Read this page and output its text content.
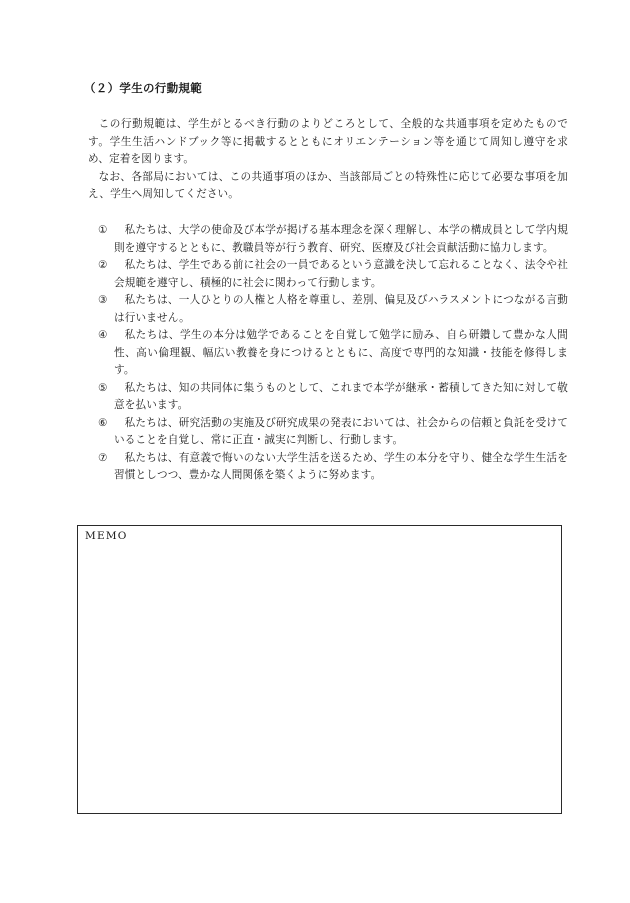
（２）学生の行動規範

この行動規範は、学生がとるべき行動のよりどころとして、全般的な共通事項を定めたものです。学生生活ハンドブック等に掲載するとともにオリエンテーション等を通じて周知し遵守を求め、定着を図ります。

なお、各部局においては、この共通事項のほか、当該部局ごとの特殊性に応じて必要な事項を加え、学生へ周知してください。

①	私たちは、大学の使命及び本学が掲げる基本理念を深く理解し、本学の構成員として学内規則を遵守するとともに、教職員等が行う教育、研究、医療及び社会貢献活動に協力します。
②	私たちは、学生である前に社会の一員であるという意識を決して忘れることなく、法令や社会規範を遵守し、積極的に社会に関わって行動します。
③	私たちは、一人ひとりの人権と人格を尊重し、差別、偏見及びハラスメントにつながる言動は行いません。
④	私たちは、学生の本分は勉学であることを自覚して勉学に励み、自ら研鑽して豊かな人間性、高い倫理観、幅広い教養を身につけるとともに、高度で専門的な知識・技能を修得します。
⑤	私たちは、知の共同体に集うものとして、これまで本学が継承・蓄積してきた知に対して敬意を払います。
⑥	私たちは、研究活動の実施及び研究成果の発表においては、社会からの信頼と負託を受けていることを自覚し、常に正直・誠実に判断し、行動します。
⑦	私たちは、有意義で悔いのない大学生活を送るため、学生の本分を守り、健全な学生生活を習慣としつつ、豊かな人間関係を築くように努めます。
MEMO
